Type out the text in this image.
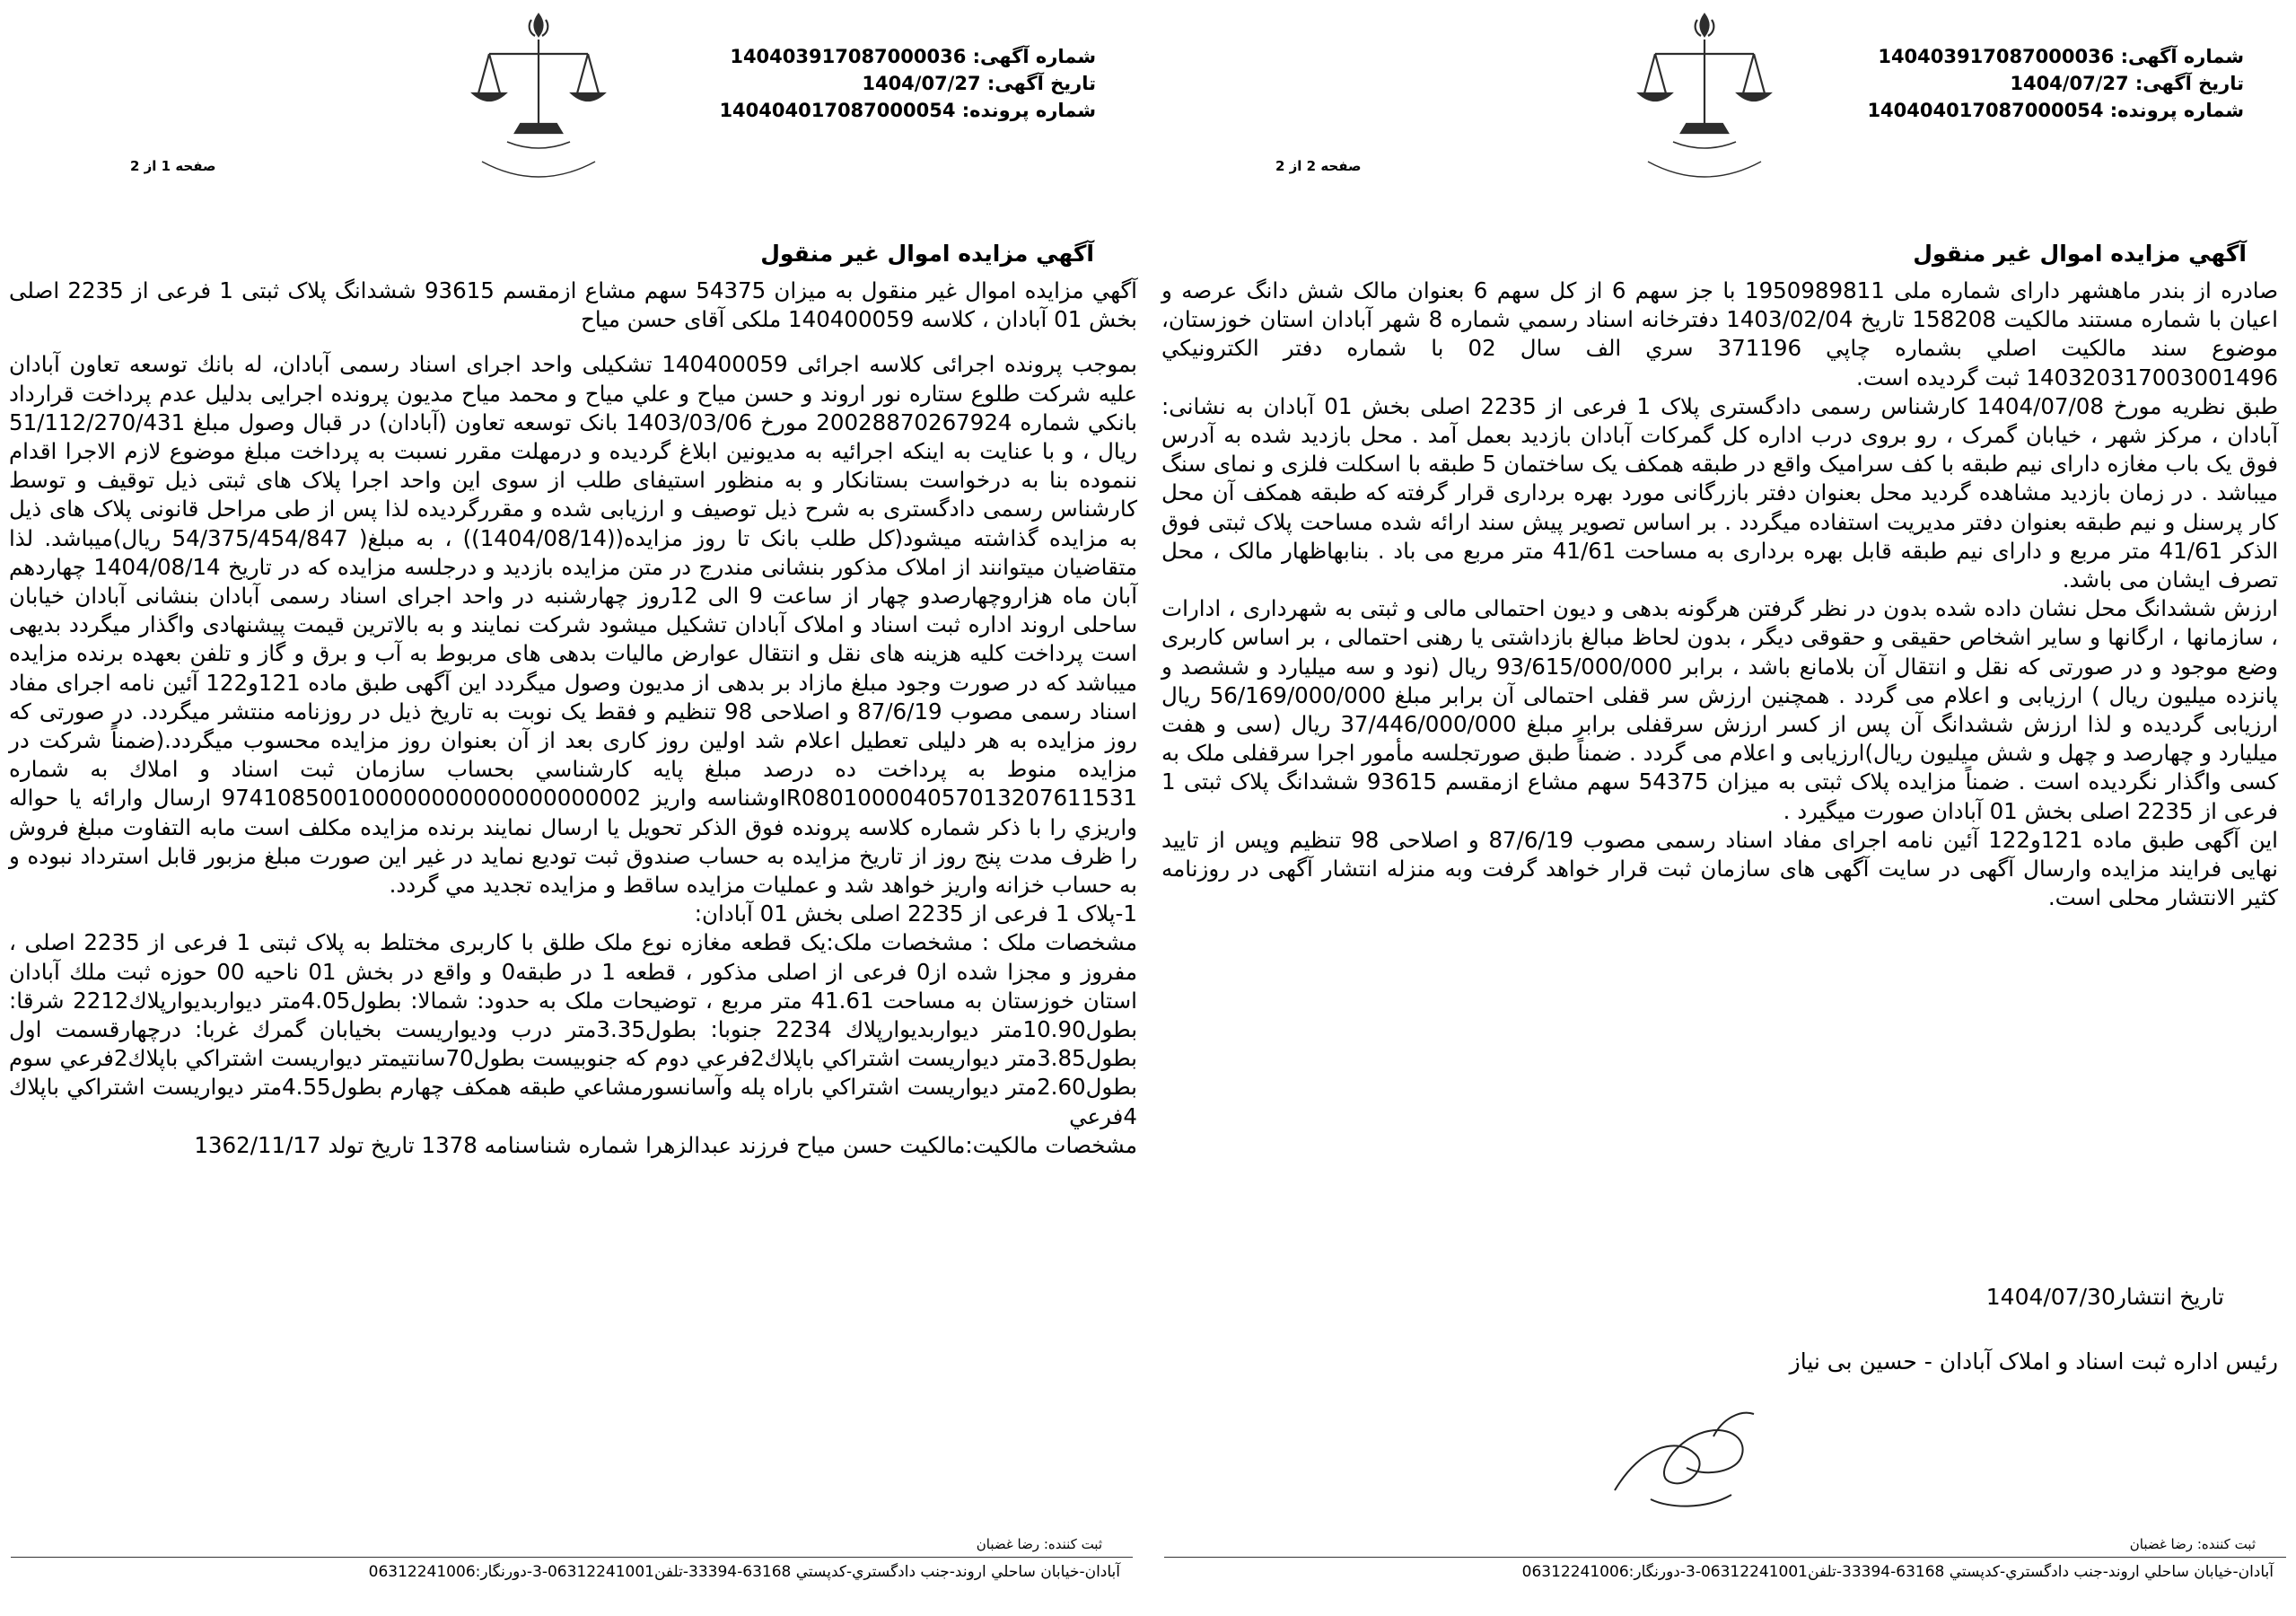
شماره آگهی: 140403917087000036
تاريخ آگهی: 1404/07/27
شماره پرونده: 140404017087000054
صفحه 1 از 2
آگهي مزايده اموال غير منقول

آگهي مزايده اموال غير منقول به ميزان 54375 سهم مشاع ازمقسم 93615 ششدانگ پلاک ثبتی 1 فرعی از 2235 اصلی بخش 01 آبادان ، کلاسه 140400059 ملکی آقای حسن میاح

بموجب پرونده اجرائی کلاسه اجرائی 140400059 تشکیلی واحد اجرای اسناد رسمی آبادان، له بانك توسعه تعاون آبادان علیه شرکت طلوع ستاره نور اروند و حسن میاح و علي میاح و محمد میاح مدیون پرونده اجرایی بدلیل عدم پرداخت قرارداد بانكي شماره 20028870267924 مورخ 1403/03/06 بانک توسعه تعاون (آبادان) در قبال وصول مبلغ 51/112/270/431 ریال ، و با عنایت به اینکه اجرائیه به مدیونین ابلاغ گردیده و درمهلت مقرر نسبت به پرداخت مبلغ موضوع لازم الاجرا اقدام ننموده بنا به درخواست بستانکار و به منظور استیفای طلب از سوی این واحد اجرا پلاک های ثبتی ذیل توقیف و توسط کارشناس رسمی دادگستری به شرح ذیل توصیف و ارزیابی شده و مقررگردیده لذا پس از طی مراحل قانونی پلاک های ذیل به مزایده گذاشته میشود(کل طلب بانک تا روز مزایده((1404/08/14)) ، به مبلغ( 54/375/454/847 ریال)میباشد. لذا متقاضیان میتوانند از املاک مذکور بنشانی مندرج در متن مزایده بازدید و درجلسه مزایده که در تاریخ 1404/08/14 چهاردهم آبان ماه هزاروچهارصدو چهار از ساعت 9 الی 12روز چهارشنبه در واحد اجرای اسناد رسمی آبادان بنشانی آبادان خیابان ساحلی اروند اداره ثبت اسناد و املاک آبادان تشکیل میشود شرکت نمایند و به بالاترین قیمت پیشنهادی واگذار میگردد بدیهی است پرداخت کلیه هزینه های نقل و انتقال عوارض مالیات بدهی های مربوط به آب و برق و گاز و تلفن بعهده برنده مزایده میباشد که در صورت وجود مبلغ مازاد بر بدهی از مدیون وصول میگردد این آگهی طبق ماده 121و122 آئین نامه اجرای مفاد اسناد رسمی مصوب 87/6/19 و اصلاحی 98 تنظیم و فقط یک نوبت به تاریخ ذیل در روزنامه منتشر میگردد. در صورتی که روز مزایده به هر دلیلی تعطیل اعلام شد اولین روز کاری بعد از آن بعنوان روز مزایده محسوب میگردد.(ضمناً شرکت در مزایده منوط به پرداخت ده درصد مبلغ پایه کارشناسي بحساب سازمان ثبت اسناد و املاك به شماره IR080100004057013207611531وشناسه واريز 974108500100000000000000000002 ارسال وارائه يا حواله واريزي را با ذكر شماره كلاسه پرونده فوق الذكر تحويل يا ارسال نمايند برنده مزايده مكلف است مابه التفاوت مبلغ فروش را ظرف مدت پنج روز از تاريخ مزايده به حساب صندوق ثبت توديع نمايد در غير اين صورت مبلغ مزبور قابل استرداد نبوده و به حساب خزانه واريز خواهد شد و عمليات مزايده ساقط و مزايده تجديد مي گردد.

1-پلاک 1 فرعی از 2235 اصلی بخش 01 آبادان:

مشخصات ملک : مشخصات ملک:یک قطعه مغازه نوع ملک طلق با کاربری مختلط به پلاک ثبتی 1 فرعی از 2235 اصلی ، مفروز و مجزا شده از0 فرعی از اصلی مذکور ، قطعه 1 در طبقه0 و واقع در بخش 01 ناحیه 00 حوزه ثبت ملك آبادان استان خوزستان به مساحت 41.61 متر مربع ، توضیحات ملک به حدود: شمالا: بطول4.05متر ديواربديوارپلاك2212 شرقا: بطول10.90متر ديواربديوارپلاك 2234 جنوبا: بطول3.35متر درب وديواريست بخيابان گمرك غربا: درچهارقسمت اول بطول3.85متر ديواريست اشتراكي باپلاك2فرعي دوم كه جنوبيست بطول70سانتيمتر ديواريست اشتراكي باپلاك2فرعي سوم بطول2.60متر ديواريست اشتراكي باراه پله وآسانسورمشاعي طبقه همكف چهارم بطول4.55متر ديواريست اشتراكي باپلاك 4فرعي

مشخصات مالکیت:مالکیت حسن میاح فرزند عبدالزهرا شماره شناسنامه 1378 تاریخ تولد 1362/11/17

ثبت كننده: رضا غضبان
آبادان-خيابان ساحلي اروند-جنب دادگستري-كدپستي 63168-33394-تلفن06312241001-3-دورنگار:06312241006
شماره آگهی: 140403917087000036
تاريخ آگهی: 1404/07/27
شماره پرونده: 140404017087000054
صفحه 2 از 2
آگهي مزايده اموال غير منقول

صادره از بندر ماهشهر دارای شماره ملی 1950989811 با جز سهم 6 از کل سهم 6 بعنوان مالک شش دانگ عرصه و اعیان با شماره مستند مالکیت 158208 تاریخ 1403/02/04 دفترخانه اسناد رسمي شماره 8 شهر آبادان استان خوزستان، موضوع سند مالكيت اصلي بشماره چاپي 371196 سري الف سال 02 با شماره دفتر الكترونيكي 140320317003001496 ثبت گرديده است.

طبق نظریه مورخ 1404/07/08 کارشناس رسمی دادگستری پلاک 1 فرعی از 2235 اصلی بخش 01 آبادان به نشانی: آبادان ، مرکز شهر ، خیابان گمرک ، رو بروی درب اداره کل گمرکات آبادان بازدید بعمل آمد . محل بازدید شده به آدرس فوق یک باب مغازه دارای نیم طبقه با کف سرامیک واقع در طبقه همکف یک ساختمان 5 طبقه با اسکلت فلزی و نمای سنگ میباشد . در زمان بازدید مشاهده گردید محل بعنوان دفتر بازرگانی مورد بهره برداری قرار گرفته که طبقه همکف آن محل کار پرسنل و نیم طبقه بعنوان دفتر مدیریت استفاده میگردد . بر اساس تصویر پیش سند ارائه شده مساحت پلاک ثبتی فوق الذکر 41/61 متر مربع و دارای نیم طبقه قابل بهره برداری به مساحت 41/61 متر مربع می باد . بنابهاظهار مالک ، محل تصرف ایشان می باشد.

ارزش ششدانگ محل نشان داده شده بدون در نظر گرفتن هرگونه بدهی و دیون احتمالی مالی و ثبتی به شهرداری ، ادارات ، سازمانها ، ارگانها و سایر اشخاص حقیقی و حقوقی دیگر ، بدون لحاظ مبالغ بازداشتی یا رهنی احتمالی ، بر اساس کاربری وضع موجود و در صورتی که نقل و انتقال آن بلامانع باشد ، برابر 93/615/000/000 ریال (نود و سه میلیارد و ششصد و پانزده میلیون ریال ) ارزیابی و اعلام می گردد . همچنین ارزش سر قفلی احتمالی آن برابر مبلغ 56/169/000/000 ریال ارزیابی گردیده و لذا ارزش ششدانگ آن پس از کسر ارزش سرقفلی برابر مبلغ 37/446/000/000 ریال (سی و هفت میلیارد و چهارصد و چهل و شش میلیون ریال)ارزیابی و اعلام می گردد . ضمناً طبق صورتجلسه مأمور اجرا سرقفلی ملک به کسی واگذار نگردیده است . ضمناً مزایده پلاک ثبتی به میزان 54375 سهم مشاع ازمقسم 93615 ششدانگ پلاک ثبتی 1 فرعی از 2235 اصلی بخش 01 آبادان صورت میگیرد .

این آگهی طبق ماده 121و122 آئین نامه اجرای مفاد اسناد رسمی مصوب 87/6/19 و اصلاحی 98 تنظیم وپس از تایید نهایی فرایند مزایده وارسال آگهی در سایت آگهی های سازمان ثبت قرار خواهد گرفت وبه منزله انتشار آگهی در روزنامه کثیر الانتشار محلی است.

تاریخ انتشار1404/07/30
رئیس اداره ثبت اسناد و املاک آبادان - حسین بی نیاز
ثبت كننده: رضا غضبان
آبادان-خيابان ساحلي اروند-جنب دادگستري-كدپستي 63168-33394-تلفن06312241001-3-دورنگار:06312241006
